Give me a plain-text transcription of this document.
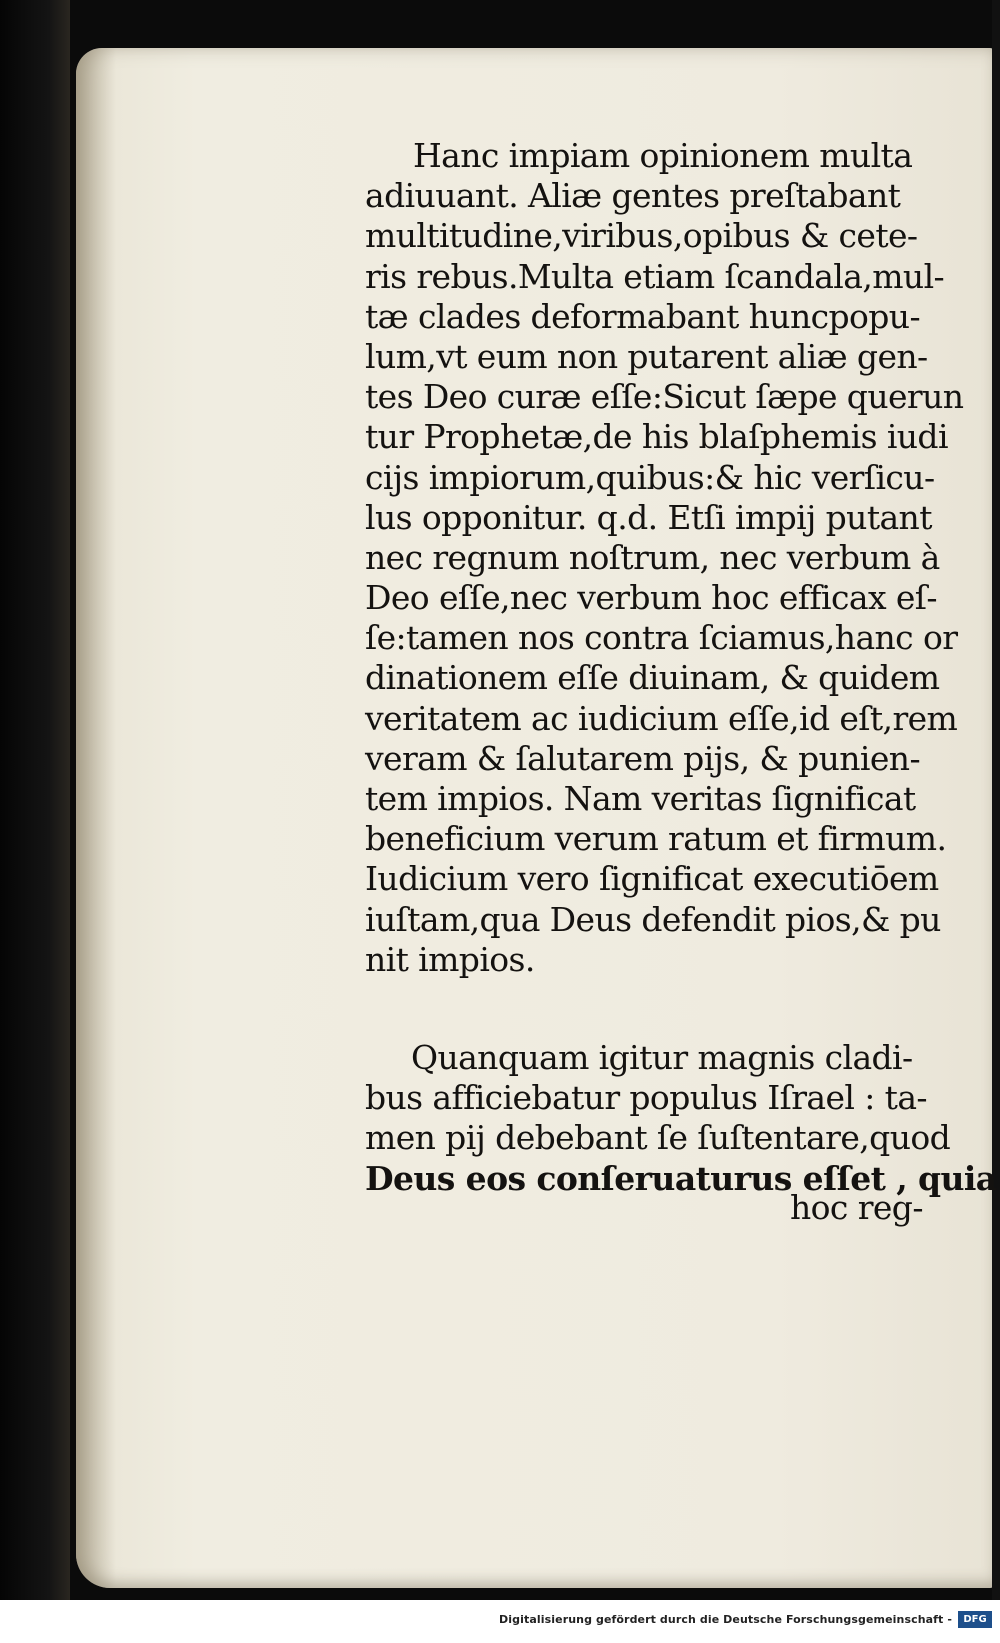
Hanc impiam opinionem multa
adiuuant. Aliæ gentes preſtabant
multitudine,viribus,opibus & cete-
ris rebus.Multa etiam ſcandala,mul-
tæ clades deformabant huncpopu-
lum,vt eum non putarent aliæ gen-
tes Deo curæ eſſe:Sicut ſæpe querun
tur Prophetæ,de his blaſphemis iudi
cijs impiorum,quibus:& hic verſicu-
lus opponitur. q.d. Etſi impij putant
nec regnum noſtrum, nec verbum à
Deo eſſe,nec verbum hoc efficax eſ-
ſe:tamen nos contra ſciamus,hanc or
dinationem eſſe diuinam, & quidem
veritatem ac iudicium eſſe,id eſt,rem
veram & ſalutarem pijs, & punien-
tem impios. Nam veritas ſignificat
beneficium verum ratum et firmum.
Iudicium vero ſignificat executiōem
iuſtam,qua Deus defendit pios,& pu
nit impios.
Quanquam igitur magnis cladi-
bus afficiebatur populus Iſrael : ta-
men pij debebant ſe ſuſtentare,quod
Deus eos conſeruaturus eſſet , quia
hoc reg-
Digitalisierung gefördert durch die Deutsche Forschungsgemeinschaft -	DFG
